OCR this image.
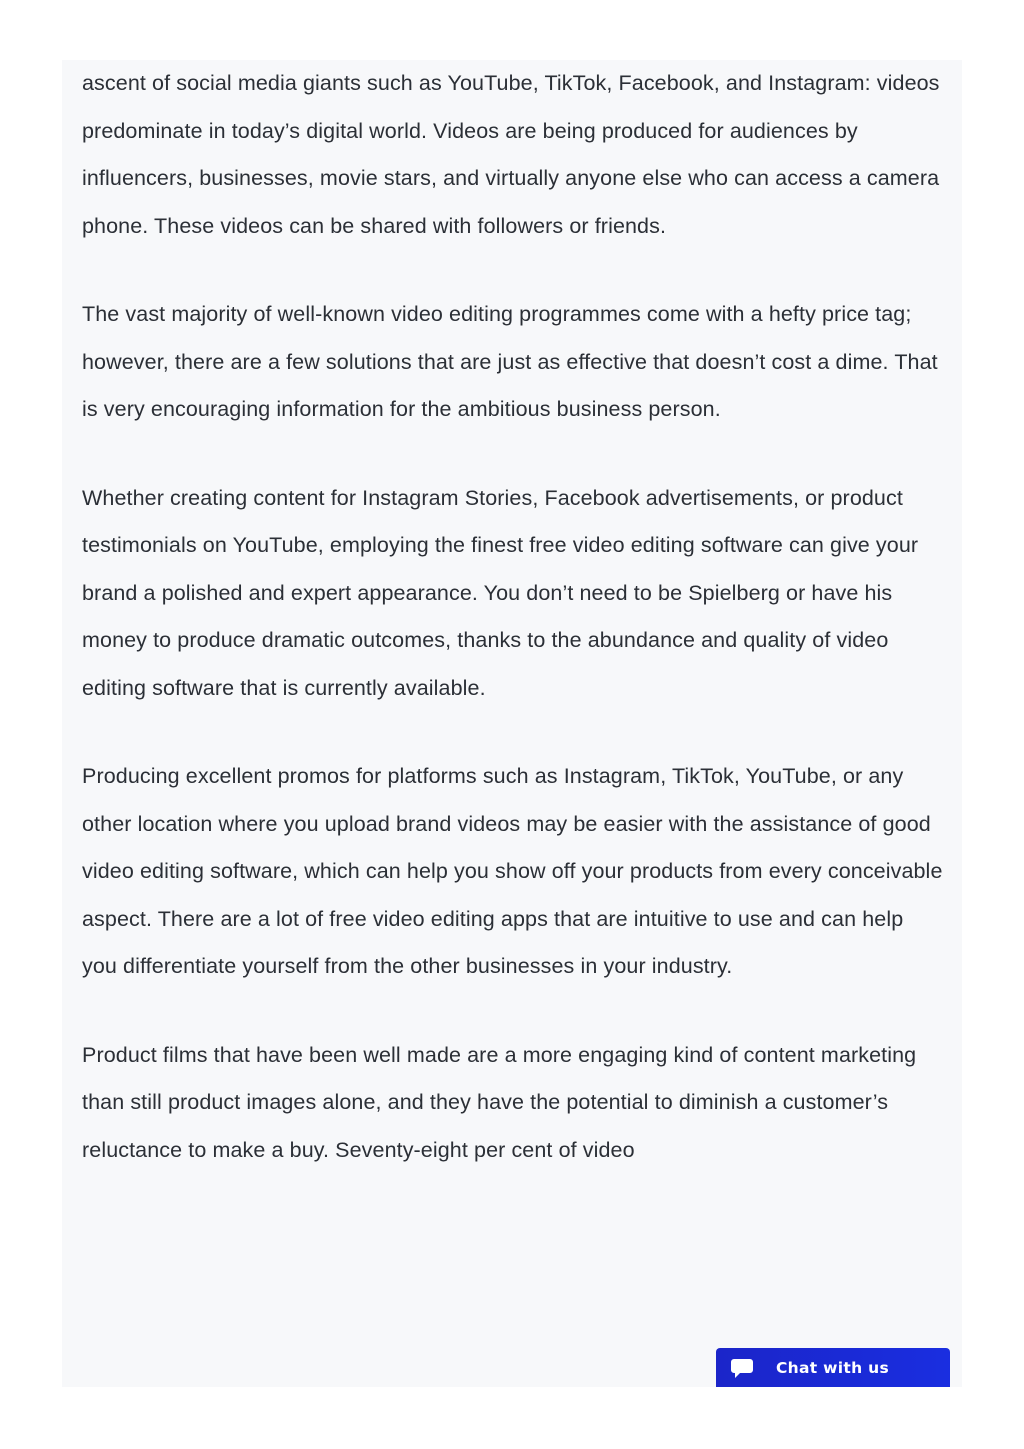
ascent of social media giants such as YouTube, TikTok, Facebook, and Instagram: videos predominate in today’s digital world. Videos are being produced for audiences by influencers, businesses, movie stars, and virtually anyone else who can access a camera phone. These videos can be shared with followers or friends.

The vast majority of well-known video editing programmes come with a hefty price tag; however, there are a few solutions that are just as effective that doesn’t cost a dime. That is very encouraging information for the ambitious business person.

Whether creating content for Instagram Stories, Facebook advertisements, or product testimonials on YouTube, employing the finest free video editing software can give your brand a polished and expert appearance. You don’t need to be Spielberg or have his money to produce dramatic outcomes, thanks to the abundance and quality of video editing software that is currently available.

Producing excellent promos for platforms such as Instagram, TikTok, YouTube, or any other location where you upload brand videos may be easier with the assistance of good video editing software, which can help you show off your products from every conceivable aspect. There are a lot of free video editing apps that are intuitive to use and can help you differentiate yourself from the other businesses in your industry.

Product films that have been well made are a more engaging kind of content marketing than still product images alone, and they have the potential to diminish a customer’s reluctance to make a buy. Seventy-eight per cent of video

Chat with us
